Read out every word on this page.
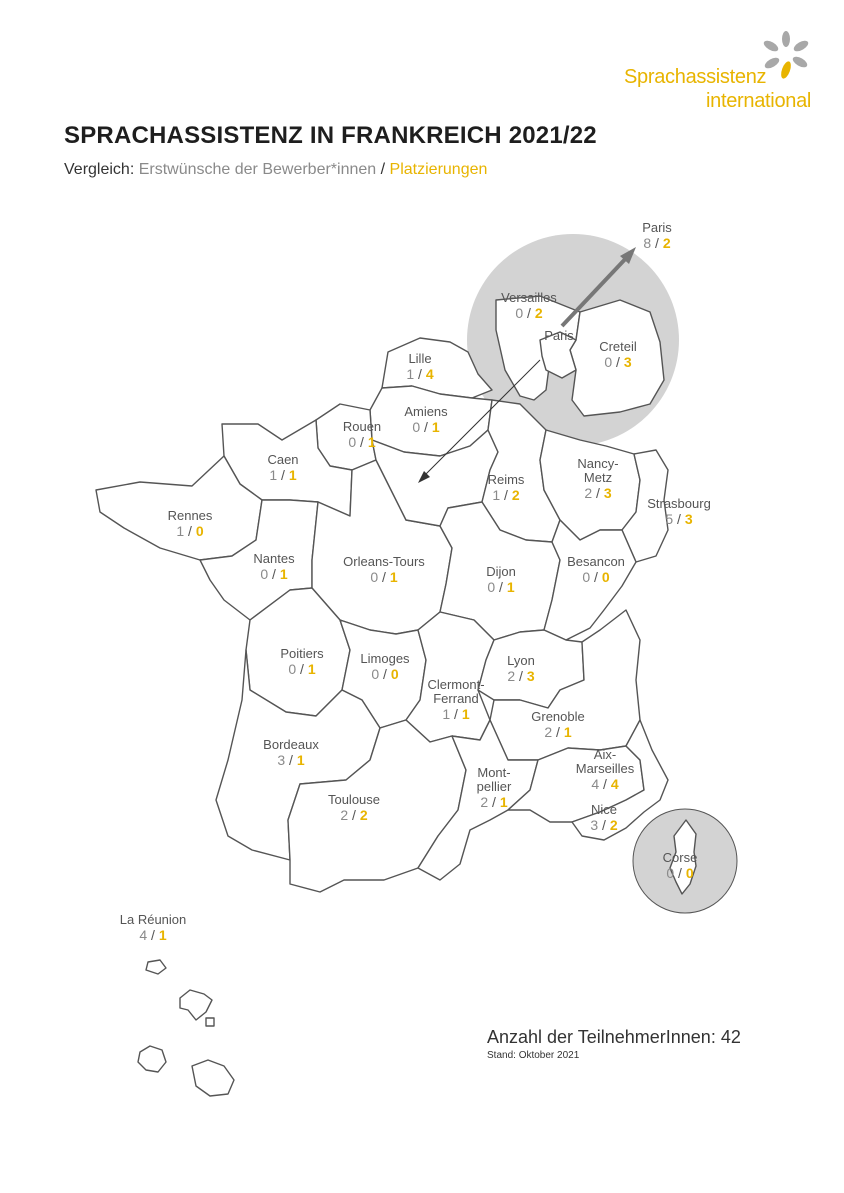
Sprachassistenz
international
SPRACHASSISTENZ IN FRANKREICH 2021/22
Vergleich: Erstwünsche der Bewerber*innen / Platzierungen
Paris
8 / 2
Versailles
0 / 2
Paris
Creteil
0 / 3
Lille
1 / 4
Amiens
0 / 1
Rouen
0 / 1
Caen
1 / 1
Nancy-Metz
2 / 3
Reims
1 / 2
Strasbourg
5 / 3
Rennes
1 / 0
Nantes
0 / 1
Orleans-Tours
0 / 1	Dijon
0 / 1
Besancon
0 / 0
Poitiers
0 / 1
Limoges
0 / 0
Lyon
2 / 3
Clermont-Ferrand
1 / 1	Grenoble
2 / 1
Bordeaux
3 / 1	Aix-Marseilles
4 / 4
Mont-pellier
2 / 1
Toulouse
2 / 2	Nice
3 / 2
Corse
0 / 0
La Réunion
4 / 1
Anzahl der TeilnehmerInnen: 42
Stand: Oktober 2021
